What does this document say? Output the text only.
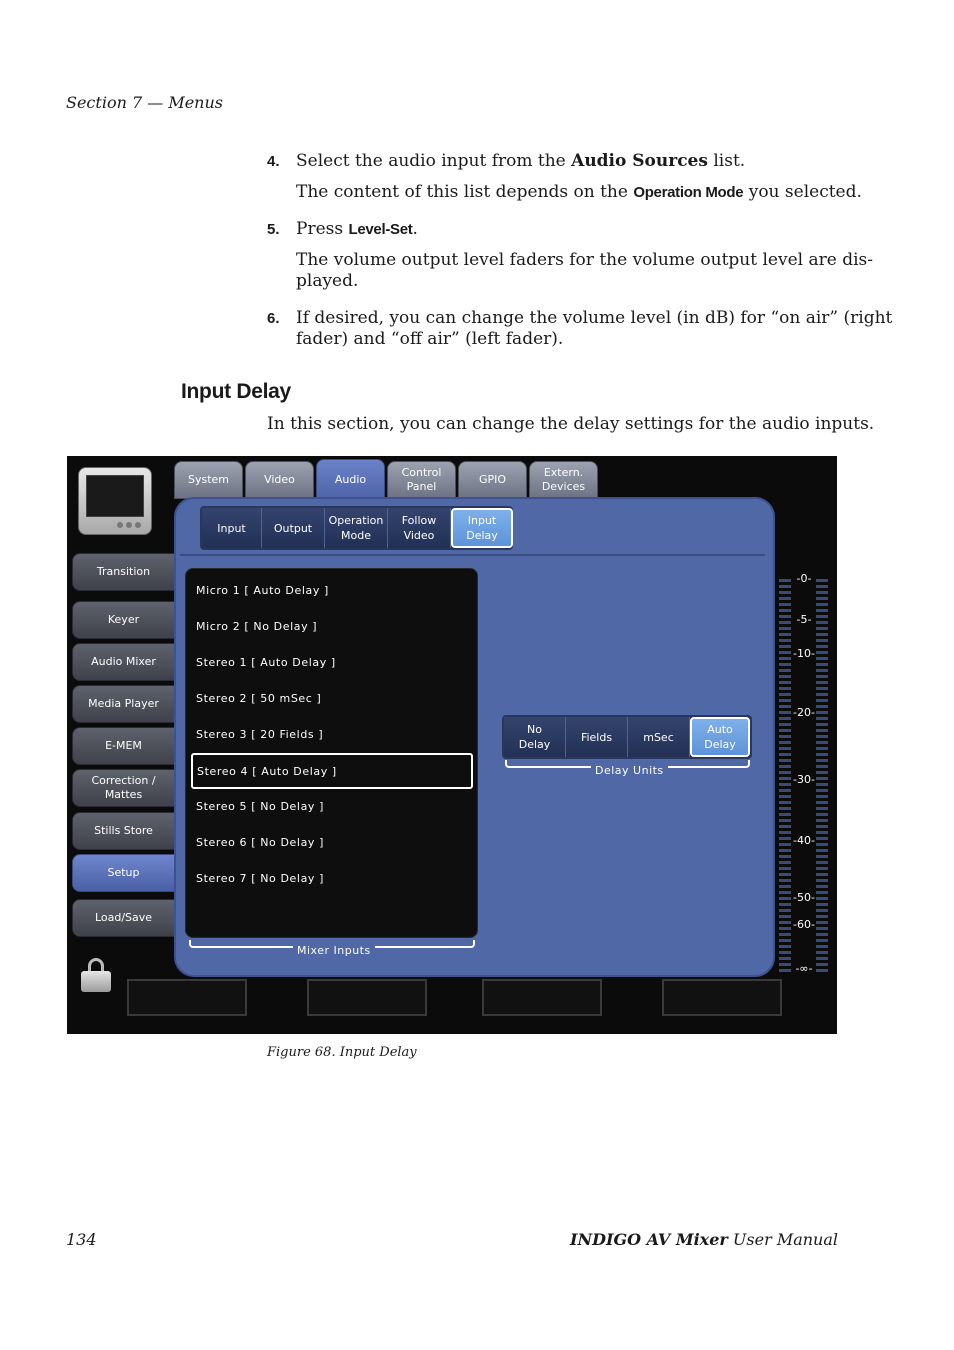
Section 7 — Menus
4. Select the audio input from the Audio Sources list.
The content of this list depends on the Operation Mode you selected.
5. Press Level-Set.
The volume output level faders for the volume output level are dis-
played.
6. If desired, you can change the volume level (in dB) for “on air” (right
fader) and “off air” (left fader).
Input Delay
In this section, you can change the delay settings for the audio inputs.
System	Video	Audio
Control Panel
GPIO
Extern. Devices
Transition
Keyer
Audio Mixer
Media Player
E-MEM
Correction / Mattes
Stills Store
Setup
Load/Save
Input	Output
Operation Mode
Follow Video
Input Delay
Micro 1 [ Auto Delay ]
Micro 2 [ No Delay ]
Stereo 1 [ Auto Delay ]
Stereo 2 [ 50 mSec ]
Stereo 3 [ 20 Fields ]
Stereo 4 [ Auto Delay ]
Stereo 5 [ No Delay ]
Stereo 6 [ No Delay ]
Stereo 7 [ No Delay ]
Mixer Inputs
No Delay
Fields	mSec
Auto Delay
Delay Units
-0-
-5-
-10-
-20-
-30-
-40-
-50-
-60-
-∞-
Figure 68. Input Delay
134	INDIGO AV Mixer User Manual
